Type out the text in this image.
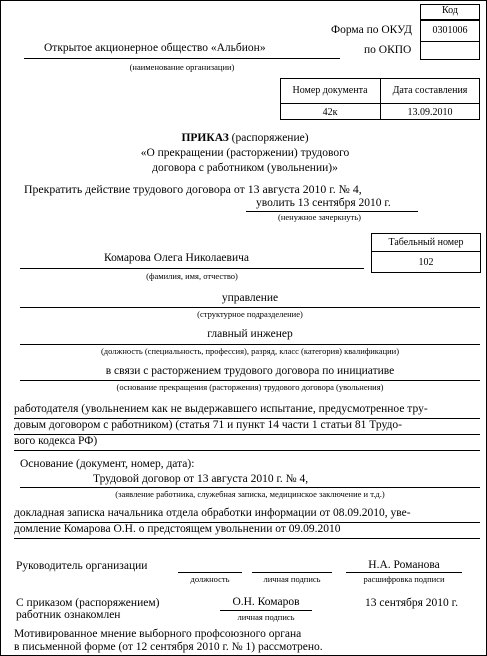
Код
Форма по ОКУД	0301006
по ОКПО
Открытое акционерное общество «Альбион»
(наименование организации)
Номер документа	Дата составления
42к	13.09.2010
ПРИКАЗ (распоряжение)
«О прекращении (расторжении) трудового
договора с работником (увольнении)»
Прекратить действие трудового договора от 13 августа 2010 г. № 4,
уволить 13 сентября 2010 г.
(ненужное зачеркнуть)
Табельный номер
102
Комарова Олега Николаевича
(фамилия, имя, отчество)
управление
(структурное подразделение)
главный инженер
(должность (специальность, профессия), разряд, класс (категория) квалификации)
в связи с расторжением трудового договора по инициативе
(основание прекращения (расторжения) трудового договора (увольнения)
работодателя (увольнением как не выдержавшего испытание, предусмотренное тру-
довым договором с работником) (статья 71 и пункт 14 части 1 статьи 81 Трудо-
вого кодекса РФ)
Основание (документ, номер, дата):
Трудовой договор от 13 августа 2010 г. № 4,
(заявление работника, служебная записка, медицинское заключение и т.д.)
докладная записка начальника отдела обработки информации от 08.09.2010, уве-
домление Комарова О.Н. о предстоящем увольнении от 09.09.2010
Руководитель организации
должность	личная подпись
Н.А. Романова
расшифровка подписи
С приказом (распоряжением)
работник ознакомлен
О.Н. Комаров
личная подпись
13 сентября 2010 г.
Мотивированное мнение выборного профсоюзного органа
в письменной форме (от 12 сентября 2010 г. № 1) рассмотрено.
